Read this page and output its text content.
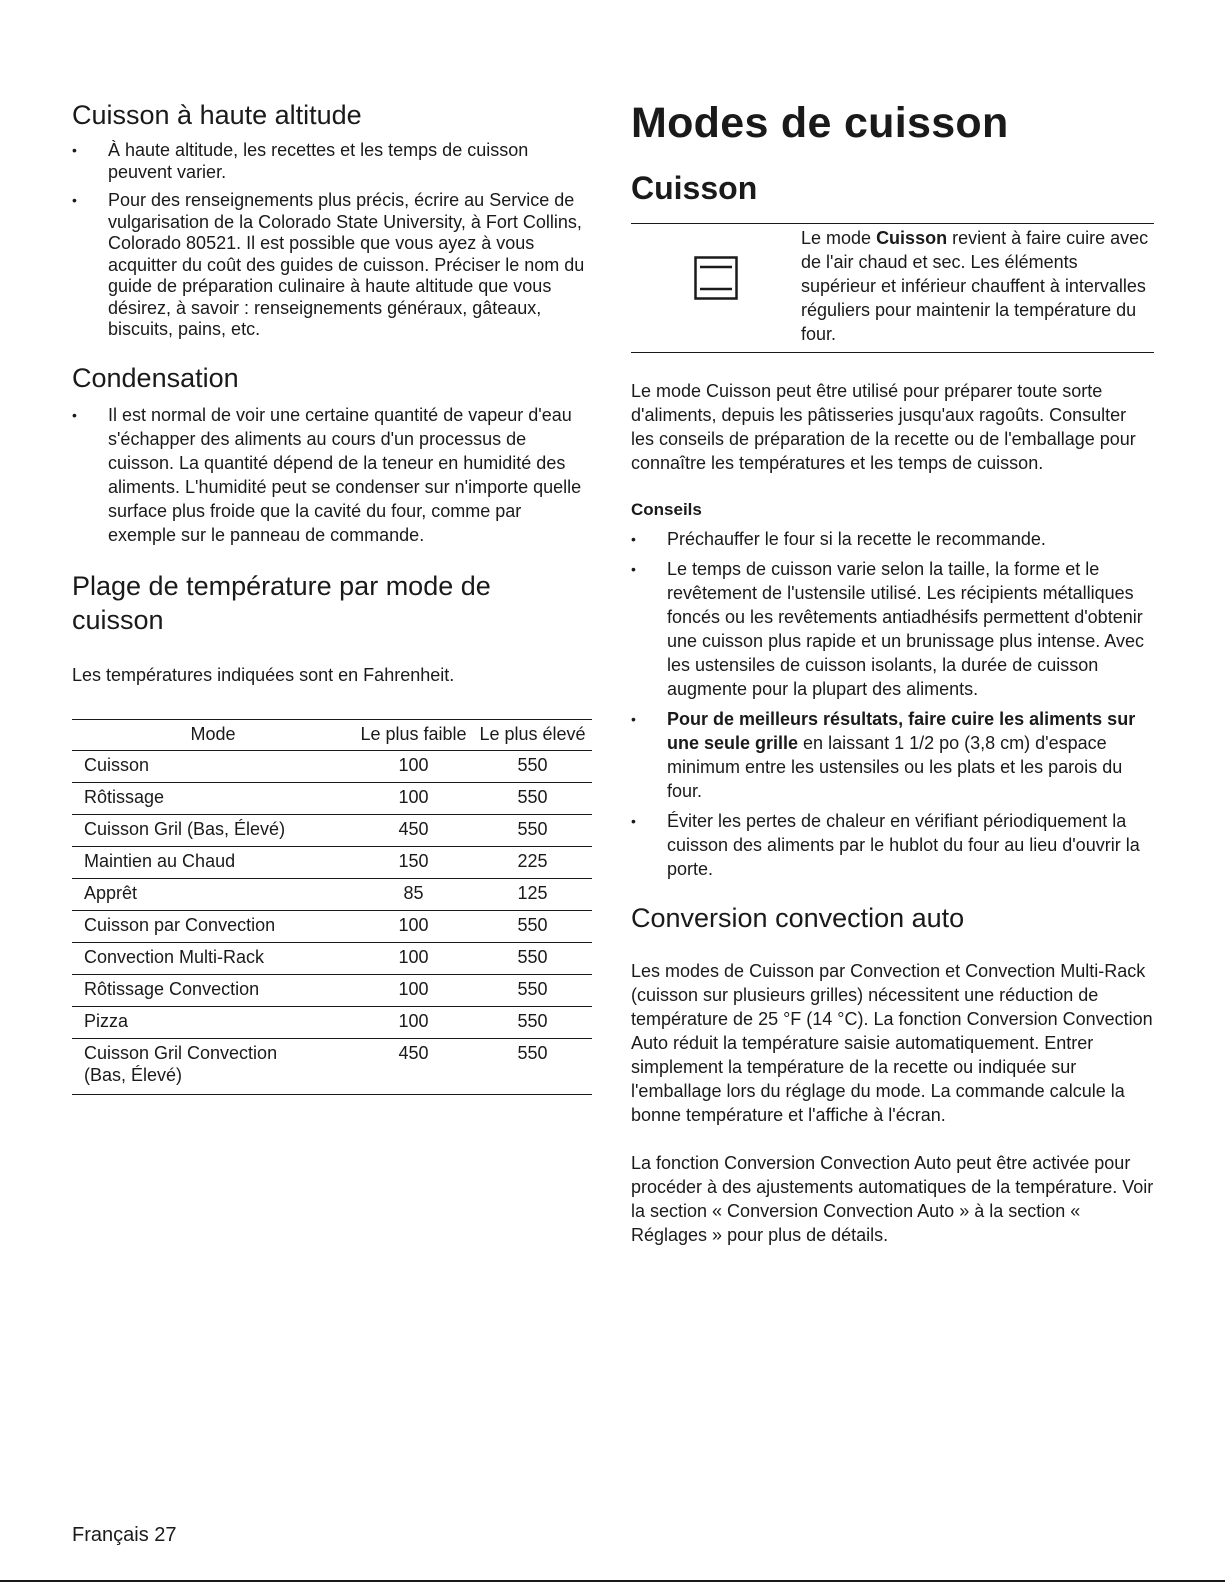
Cuisson à haute altitude
• À haute altitude, les recettes et les temps de cuisson peuvent varier.
• Pour des renseignements plus précis, écrire au Service de vulgarisation de la Colorado State University, à Fort Collins, Colorado 80521. Il est possible que vous ayez à vous acquitter du coût des guides de cuisson. Préciser le nom du guide de préparation culinaire à haute altitude que vous désirez, à savoir : renseignements généraux, gâteaux, biscuits, pains, etc.
Condensation
• Il est normal de voir une certaine quantité de vapeur d'eau s'échapper des aliments au cours d'un processus de cuisson. La quantité dépend de la teneur en humidité des aliments. L'humidité peut se condenser sur n'importe quelle surface plus froide que la cavité du four, comme par exemple sur le panneau de commande.
Plage de température par mode de cuisson

Les températures indiquées sont en Fahrenheit.

Mode	Le plus faible	Le plus élevé
Cuisson	100	550
Rôtissage	100	550
Cuisson Gril (Bas, Élevé)	450	550
Maintien au Chaud	150	225
Apprêt	85	125
Cuisson par Convection	100	550
Convection Multi-Rack	100	550
Rôtissage Convection	100	550
Pizza	100	550
Cuisson Gril Convection (Bas, Élevé)	450	550
Modes de cuisson
Cuisson

Le mode Cuisson revient à faire cuire avec de l'air chaud et sec. Les éléments supérieur et inférieur chauffent à intervalles réguliers pour maintenir la température du four.

Le mode Cuisson peut être utilisé pour préparer toute sorte d'aliments, depuis les pâtisseries jusqu'aux ragoûts. Consulter les conseils de préparation de la recette ou de l'emballage pour connaître les températures et les temps de cuisson.

Conseils
• Préchauffer le four si la recette le recommande.
• Le temps de cuisson varie selon la taille, la forme et le revêtement de l'ustensile utilisé. Les récipients métalliques foncés ou les revêtements antiadhésifs permettent d'obtenir une cuisson plus rapide et un brunissage plus intense. Avec les ustensiles de cuisson isolants, la durée de cuisson augmente pour la plupart des aliments.
• Pour de meilleurs résultats, faire cuire les aliments sur une seule grille en laissant 1 1/2 po (3,8 cm) d'espace minimum entre les ustensiles ou les plats et les parois du four.
• Éviter les pertes de chaleur en vérifiant périodiquement la cuisson des aliments par le hublot du four au lieu d'ouvrir la porte.
Conversion convection auto

Les modes de Cuisson par Convection et Convection Multi-Rack (cuisson sur plusieurs grilles) nécessitent une réduction de température de 25 °F (14 °C). La fonction Conversion Convection Auto réduit la température saisie automatiquement. Entrer simplement la température de la recette ou indiquée sur l'emballage lors du réglage du mode. La commande calcule la bonne température et l'affiche à l'écran.

La fonction Conversion Convection Auto peut être activée pour procéder à des ajustements automatiques de la température. Voir la section « Conversion Convection Auto » à la section « Réglages » pour plus de détails.

Français 27
